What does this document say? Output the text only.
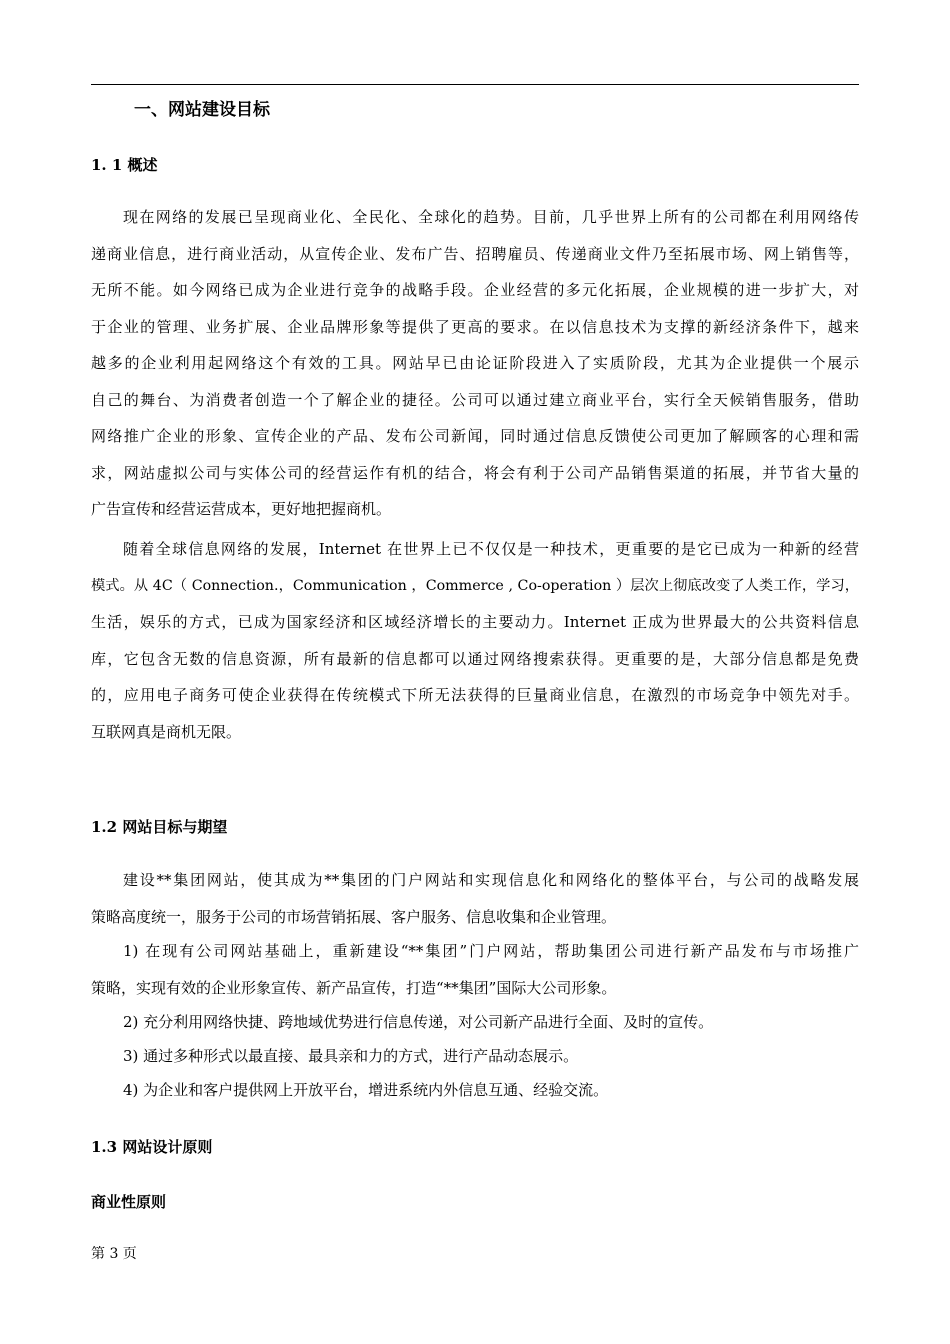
一、网站建设目标
1. 1 概述
现在网络的发展已呈现商业化、全民化、全球化的趋势。目前，几乎世界上所有的公司都在利用网络传
递商业信息，进行商业活动，从宣传企业、发布广告、招聘雇员、传递商业文件乃至拓展市场、网上销售等，
无所不能。如今网络已成为企业进行竞争的战略手段。企业经营的多元化拓展，企业规模的进一步扩大，对
于企业的管理、业务扩展、企业品牌形象等提供了更高的要求。在以信息技术为支撑的新经济条件下，越来
越多的企业利用起网络这个有效的工具。网站早已由论证阶段进入了实质阶段，尤其为企业提供一个展示
自己的舞台、为消费者创造一个了解企业的捷径。公司可以通过建立商业平台，实行全天候销售服务，借助
网络推广企业的形象、宣传企业的产品、发布公司新闻，同时通过信息反馈使公司更加了解顾客的心理和需
求，网站虚拟公司与实体公司的经营运作有机的结合，将会有利于公司产品销售渠道的拓展，并节省大量的
广告宣传和经营运营成本，更好地把握商机。
随着全球信息网络的发展，Internet 在世界上已不仅仅是一种技术，更重要的是它已成为一种新的经营
模式。从 4C（ Connection.，Communication ，Commerce , Co-operation ）层次上彻底改变了人类工作，学习，
生活，娱乐的方式，已成为国家经济和区域经济增长的主要动力。Internet 正成为世界最大的公共资料信息
库，它包含无数的信息资源，所有最新的信息都可以通过网络搜索获得。更重要的是，大部分信息都是免费
的，应用电子商务可使企业获得在传统模式下所无法获得的巨量商业信息，在激烈的市场竞争中领先对手。
互联网真是商机无限。
1.2 网站目标与期望
建设**集团网站，使其成为**集团的门户网站和实现信息化和网络化的整体平台，与公司的战略发展
策略高度统一，服务于公司的市场营销拓展、客户服务、信息收集和企业管理。
1) 在现有公司网站基础上，重新建设“**集团”门户网站，帮助集团公司进行新产品发布与市场推广
策略，实现有效的企业形象宣传、新产品宣传，打造“**集团”国际大公司形象。
2) 充分利用网络快捷、跨地域优势进行信息传递，对公司新产品进行全面、及时的宣传。
3) 通过多种形式以最直接、最具亲和力的方式，进行产品动态展示。
4) 为企业和客户提供网上开放平台，增进系统内外信息互通、经验交流。
1.3 网站设计原则
商业性原则
第 3 页
